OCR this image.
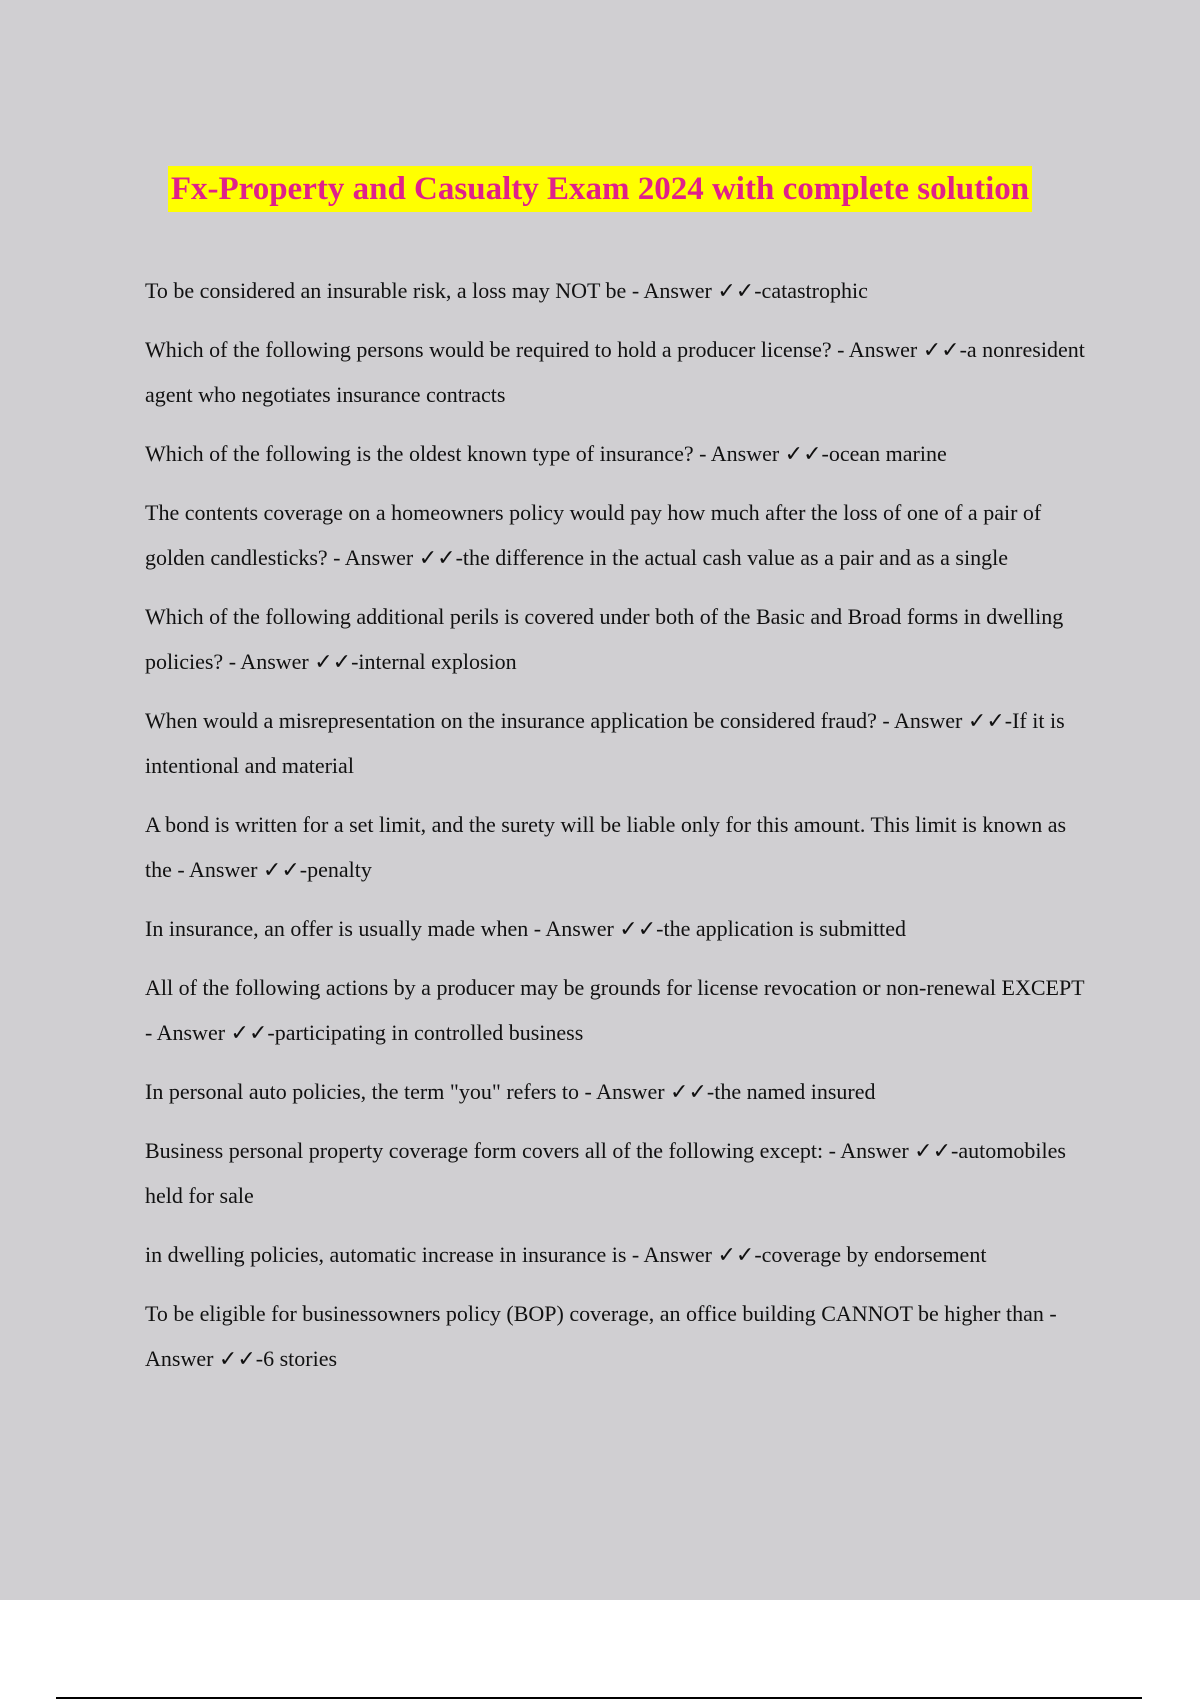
Fx-Property and Casualty Exam 2024 with complete solution

To be considered an insurable risk, a loss may NOT be - Answer ✓✓-catastrophic

Which of the following persons would be required to hold a producer license? - Answer ✓✓-a nonresident agent who negotiates insurance contracts

Which of the following is the oldest known type of insurance? - Answer ✓✓-ocean marine

The contents coverage on a homeowners policy would pay how much after the loss of one of a pair of golden candlesticks? - Answer ✓✓-the difference in the actual cash value as a pair and as a single

Which of the following additional perils is covered under both of the Basic and Broad forms in dwelling policies? - Answer ✓✓-internal explosion

When would a misrepresentation on the insurance application be considered fraud? - Answer ✓✓-If it is intentional and material

A bond is written for a set limit, and the surety will be liable only for this amount. This limit is known as the - Answer ✓✓-penalty

In insurance, an offer is usually made when - Answer ✓✓-the application is submitted

All of the following actions by a producer may be grounds for license revocation or non-renewal EXCEPT - Answer ✓✓-participating in controlled business

In personal auto policies, the term "you" refers to - Answer ✓✓-the named insured

Business personal property coverage form covers all of the following except: - Answer ✓✓-automobiles held for sale

in dwelling policies, automatic increase in insurance is - Answer ✓✓-coverage by endorsement

To be eligible for businessowners policy (BOP) coverage, an office building CANNOT be higher than - Answer ✓✓-6 stories
